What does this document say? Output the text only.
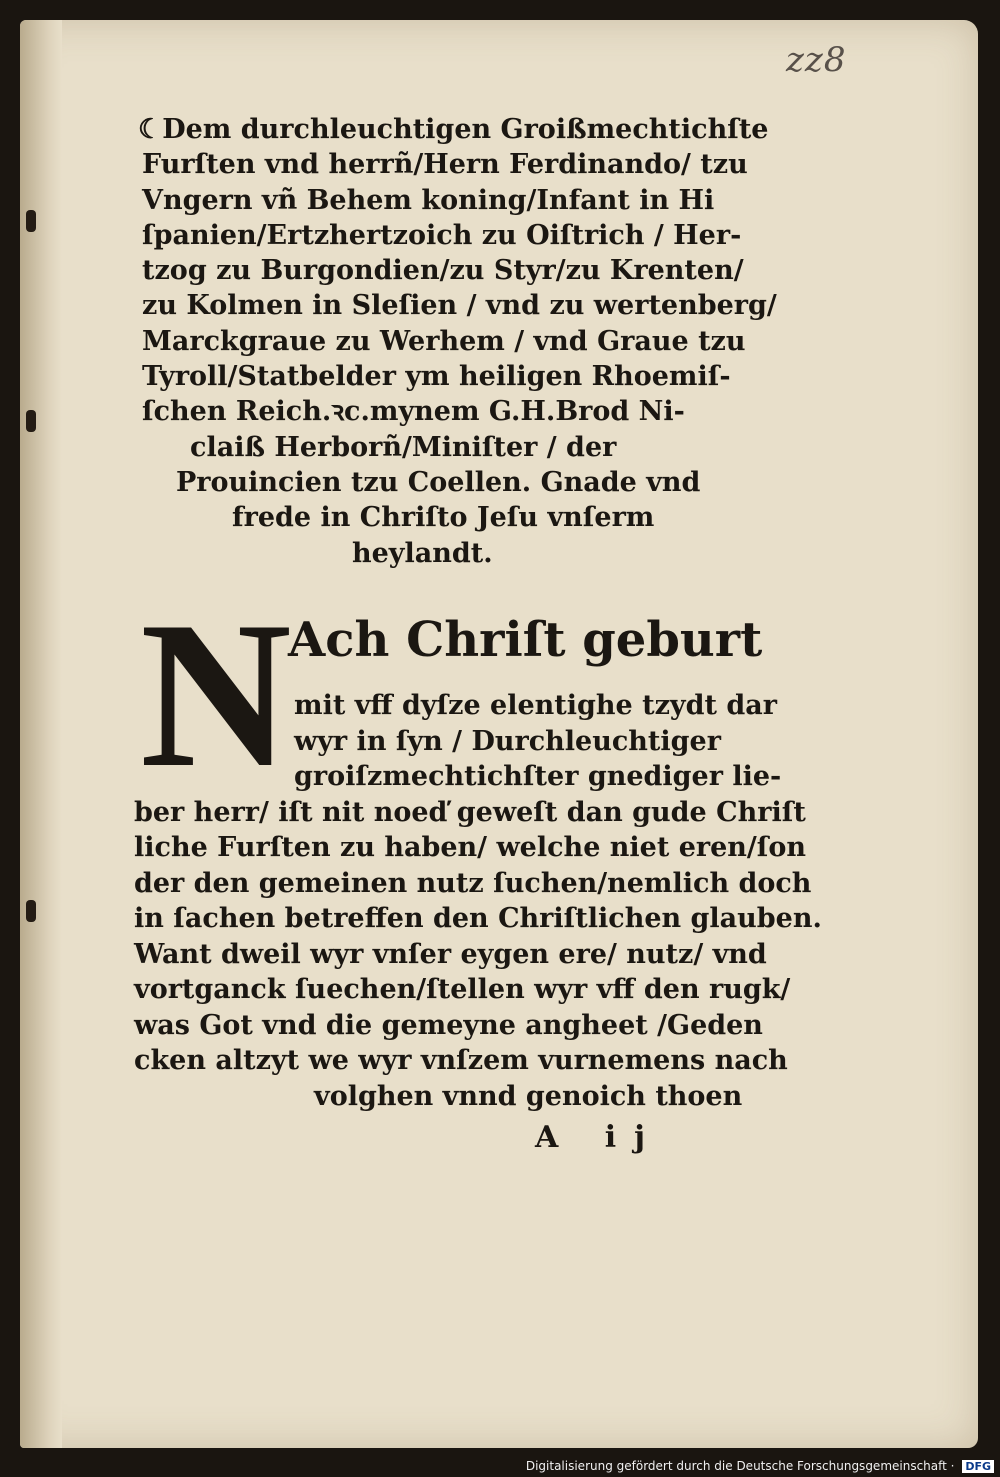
zz8
☾Dem durchleuchtigen Groißmechtichſte
Furſten vnd herrñ/Hern Ferdinando/ tzu
Vngern vñ Behem koning/Infant in Hi
ſpanien/Ertzhertzoich zu Oiſtrich / Her-
tzog zu Burgondien/zu Styr/zu Krenten/
zu Kolmen in Sleſien / vnd zu wertenberg/
Marckgraue zu Werhem / vnd Graue tzu
Tyroll/Statbelder ym heiligen Rhoemiſ-
ſchen Reich.ꝛc.mynem G.H.Brod Ni-
claiß Herborñ/Miniſter / der
Prouincien tzu Coellen. Gnade vnd
frede in Chriſto Jeſu vnſerm
heylandt.
N
Ach Chriſt geburt
mit vff dyſze elentighe tzydt dar
wyr in ſyn / Durchleuchtiger
groiſzmechtichſter gnediger lie-
ber herr/ iſt nit noeď geweſt dan gude Chriſt
liche Furſten zu haben/ welche niet eren/ſon
der den gemeinen nutz ſuchen/nemlich doch
in ſachen betreffen den Chriſtlichen glauben.
Want dweil wyr vnſer eygen ere/ nutz/ vnd
vortganck ſuechen/ſtellen wyr vff den rugk/
was Got vnd die gemeyne angheet /Geden
cken altzyt we wyr vnſzem vurnemens nach
volghen vnnd genoich thoen
A ij
Digitalisierung gefördert durch die Deutsche Forschungsgemeinschaft · DFG
